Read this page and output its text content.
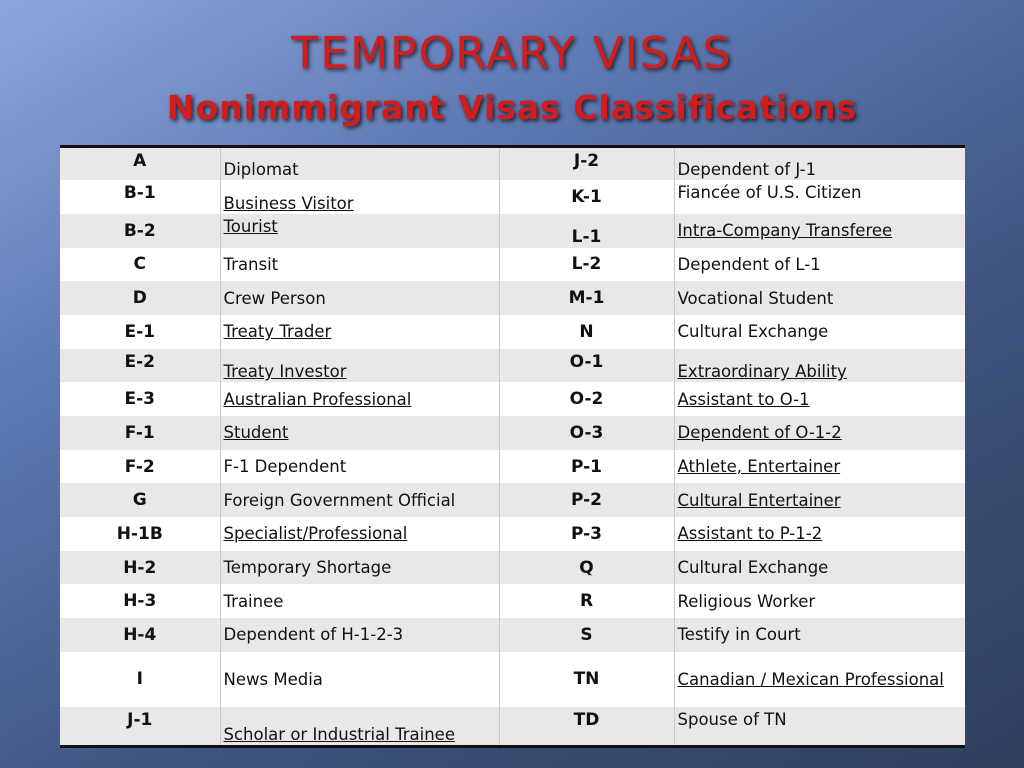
TEMPORARY VISAS
Nonimmigrant Visas Classifications
A	Diplomat	J-2	Dependent of J-1
B-1	Business Visitor	K-1	Fiancée of U.S. Citizen
B-2	Tourist	L-1	Intra-Company Transferee
C	Transit	L-2	Dependent of L-1
D	Crew Person	M-1	Vocational Student
E-1	Treaty Trader	N	Cultural Exchange
E-2	Treaty Investor	O-1	Extraordinary Ability
E-3	Australian Professional	O-2	Assistant to O-1
F-1	Student	O-3	Dependent of O-1-2
F-2	F-1 Dependent	P-1	Athlete, Entertainer
G	Foreign Government Official	P-2	Cultural Entertainer
H-1B	Specialist/Professional	P-3	Assistant to P-1-2
H-2	Temporary Shortage	Q	Cultural Exchange
H-3	Trainee	R	Religious Worker
H-4	Dependent of H-1-2-3	S	Testify in Court
I	News Media	TN	Canadian / Mexican Professional
J-1	Scholar or Industrial Trainee	TD	Spouse of TN
